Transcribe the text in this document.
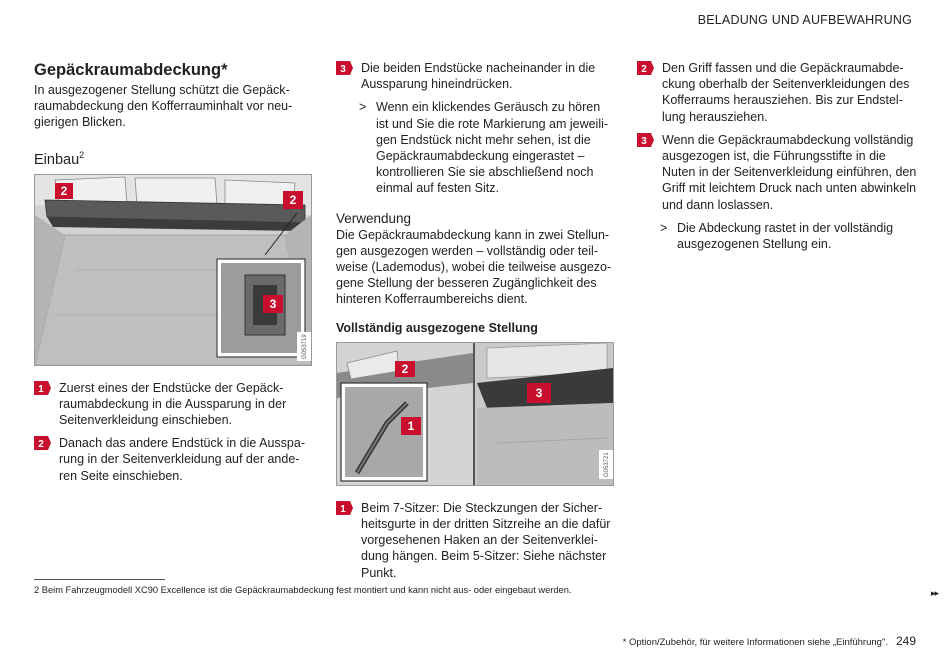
BELADUNG UND AUFBEWAHRUNG
Gepäckraumabdeckung*

In ausgezogener Stellung schützt die Gepäckraumabdeckung den Kofferrauminhalt vor neugierigen Blicken.

Einbau$^2$
2
2
3
G053719
1 Zuerst eines der Endstücke der Gepäckraumabdeckung in die Aussparung in der Seitenverkleidung einschieben.

2 Danach das andere Endstück in die Aussparung in der Seitenverkleidung auf der anderen Seite einschieben.

3 Die beiden Endstücke nacheinander in die Aussparung hineindrücken.

> Wenn ein klickendes Geräusch zu hören ist und Sie die rote Markierung am jeweiligen Endstück nicht mehr sehen, ist die Gepäckraumabdeckung eingerastet – kontrollieren Sie sie abschließend noch einmal auf festen Sitz.

Verwendung

Die Gepäckraumabdeckung kann in zwei Stellungen ausgezogen werden – vollständig oder teilweise (Lademodus), wobei die teilweise ausgezogene Stellung der besseren Zugänglichkeit des hinteren Kofferraumbereichs dient.

Vollständig ausgezogene Stellung
2
1
3
G053721
1 Beim 7-Sitzer: Die Steckzungen der Sicherheitsgurte in der dritten Sitzreihe an die dafür vorgesehenen Haken an der Seitenverkleidung hängen. Beim 5-Sitzer: Siehe nächster Punkt.

2 Den Griff fassen und die Gepäckraumabdeckung oberhalb der Seitenverkleidungen des Kofferraums herausziehen. Bis zur Endstellung herausziehen.

3 Wenn die Gepäckraumabdeckung vollständig ausgezogen ist, die Führungsstifte in die Nuten in der Seitenverkleidung einführen, den Griff mit leichtem Druck nach unten abwinkeln und dann loslassen.

> Die Abdeckung rastet in der vollständig ausgezogenen Stellung ein.

2 Beim Fahrzeugmodell XC90 Excellence ist die Gepäckraumabdeckung fest montiert und kann nicht aus- oder eingebaut werden.	▸▸
* Option/Zubehör, für weitere Informationen siehe „Einführung". 249
